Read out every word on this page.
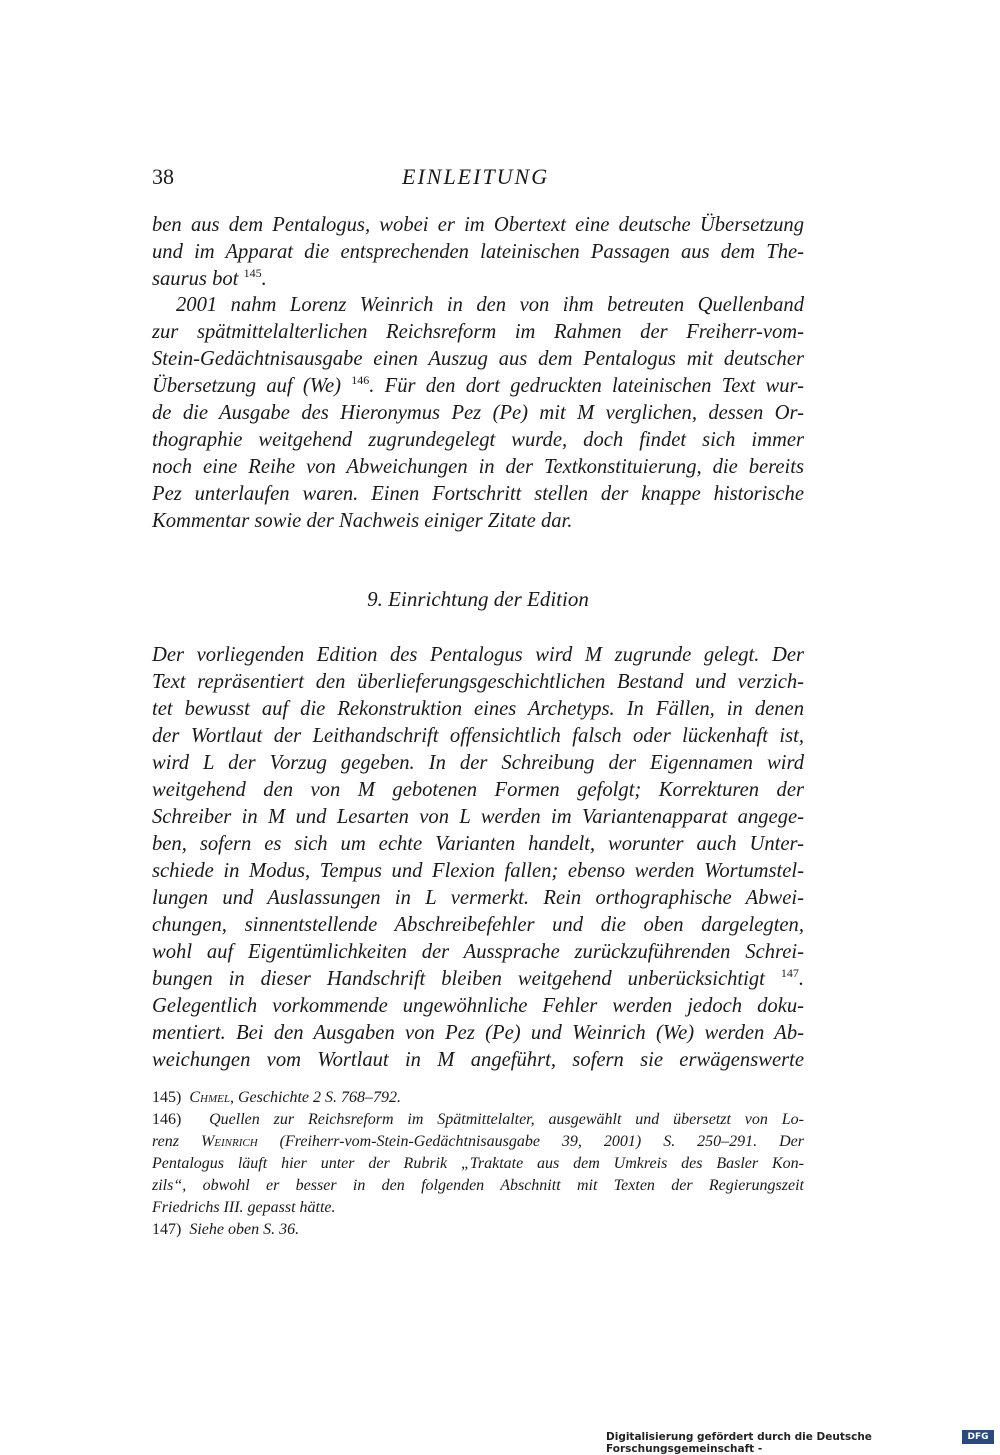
38	EINLEITUNG
ben aus dem Pentalogus, wobei er im Obertext eine deutsche Übersetzung
und im Apparat die entsprechenden lateinischen Passagen aus dem The-
saurus bot $^{145}$.
2001 nahm Lorenz Weinrich in den von ihm betreuten Quellenband
zur spätmittelalterlichen Reichsreform im Rahmen der Freiherr-vom-
Stein-Gedächtnisausgabe einen Auszug aus dem Pentalogus mit deutscher
Übersetzung auf (We) $^{146}$. Für den dort gedruckten lateinischen Text wur-
de die Ausgabe des Hieronymus Pez (Pe) mit M verglichen, dessen Or-
thographie weitgehend zugrundegelegt wurde, doch findet sich immer
noch eine Reihe von Abweichungen in der Textkonstituierung, die bereits
Pez unterlaufen waren. Einen Fortschritt stellen der knappe historische
Kommentar sowie der Nachweis einiger Zitate dar.
9. Einrichtung der Edition
Der vorliegenden Edition des Pentalogus wird M zugrunde gelegt. Der
Text repräsentiert den überlieferungsgeschichtlichen Bestand und verzich-
tet bewusst auf die Rekonstruktion eines Archetyps. In Fällen, in denen
der Wortlaut der Leithandschrift offensichtlich falsch oder lückenhaft ist,
wird L der Vorzug gegeben. In der Schreibung der Eigennamen wird
weitgehend den von M gebotenen Formen gefolgt; Korrekturen der
Schreiber in M und Lesarten von L werden im Variantenapparat angege-
ben, sofern es sich um echte Varianten handelt, worunter auch Unter-
schiede in Modus, Tempus und Flexion fallen; ebenso werden Wortumstel-
lungen und Auslassungen in L vermerkt. Rein orthographische Abwei-
chungen, sinnentstellende Abschreibefehler und die oben dargelegten,
wohl auf Eigentümlichkeiten der Aussprache zurückzuführenden Schrei-
bungen in dieser Handschrift bleiben weitgehend unberücksichtigt $^{147}$.
Gelegentlich vorkommende ungewöhnliche Fehler werden jedoch doku-
mentiert. Bei den Ausgaben von Pez (Pe) und Weinrich (We) werden Ab-
weichungen vom Wortlaut in M angeführt, sofern sie erwägenswerte
145) Chmel, Geschichte 2 S. 768–792.
146) Quellen zur Reichsreform im Spätmittelalter, ausgewählt und übersetzt von Lo-
renz Weinrich (Freiherr-vom-Stein-Gedächtnisausgabe 39, 2001) S. 250–291. Der
Pentalogus läuft hier unter der Rubrik „Traktate aus dem Umkreis des Basler Kon-
zils“, obwohl er besser in den folgenden Abschnitt mit Texten der Regierungszeit
Friedrichs III. gepasst hätte.
147) Siehe oben S. 36.
Digitalisierung gefördert durch die Deutsche Forschungsgemeinschaft -
DFG
